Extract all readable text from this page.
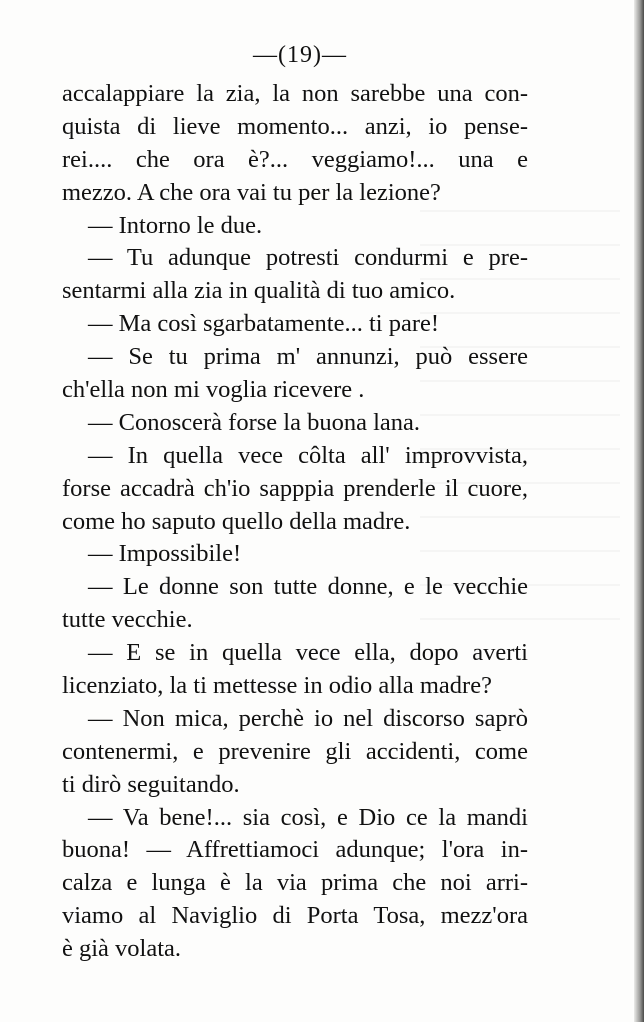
—(19)—
accalappiare la zia, la non sarebbe una con-
quista di lieve momento... anzi, io pense-
rei.... che ora è?... veggiamo!... una e
mezzo. A che ora vai tu per la lezione?
— Intorno le due.
— Tu adunque potresti condurmi e pre-
sentarmi alla zia in qualità di tuo amico.
— Ma così sgarbatamente... ti pare!
— Se tu prima m' annunzi, può essere
ch'ella non mi voglia ricevere .
— Conoscerà forse la buona lana.
— In quella vece côlta all' improvvista,
forse accadrà ch'io sapppia prenderle il cuore,
come ho saputo quello della madre.
— Impossibile!
— Le donne son tutte donne, e le vecchie
tutte vecchie.
— E se in quella vece ella, dopo averti
licenziato, la ti mettesse in odio alla madre?
— Non mica, perchè io nel discorso saprò
contenermi, e prevenire gli accidenti, come
ti dirò seguitando.
— Va bene!... sia così, e Dio ce la mandi
buona! — Affrettiamoci adunque; l'ora in-
calza e lunga è la via prima che noi arri-
viamo al Naviglio di Porta Tosa, mezz'ora
è già volata.
